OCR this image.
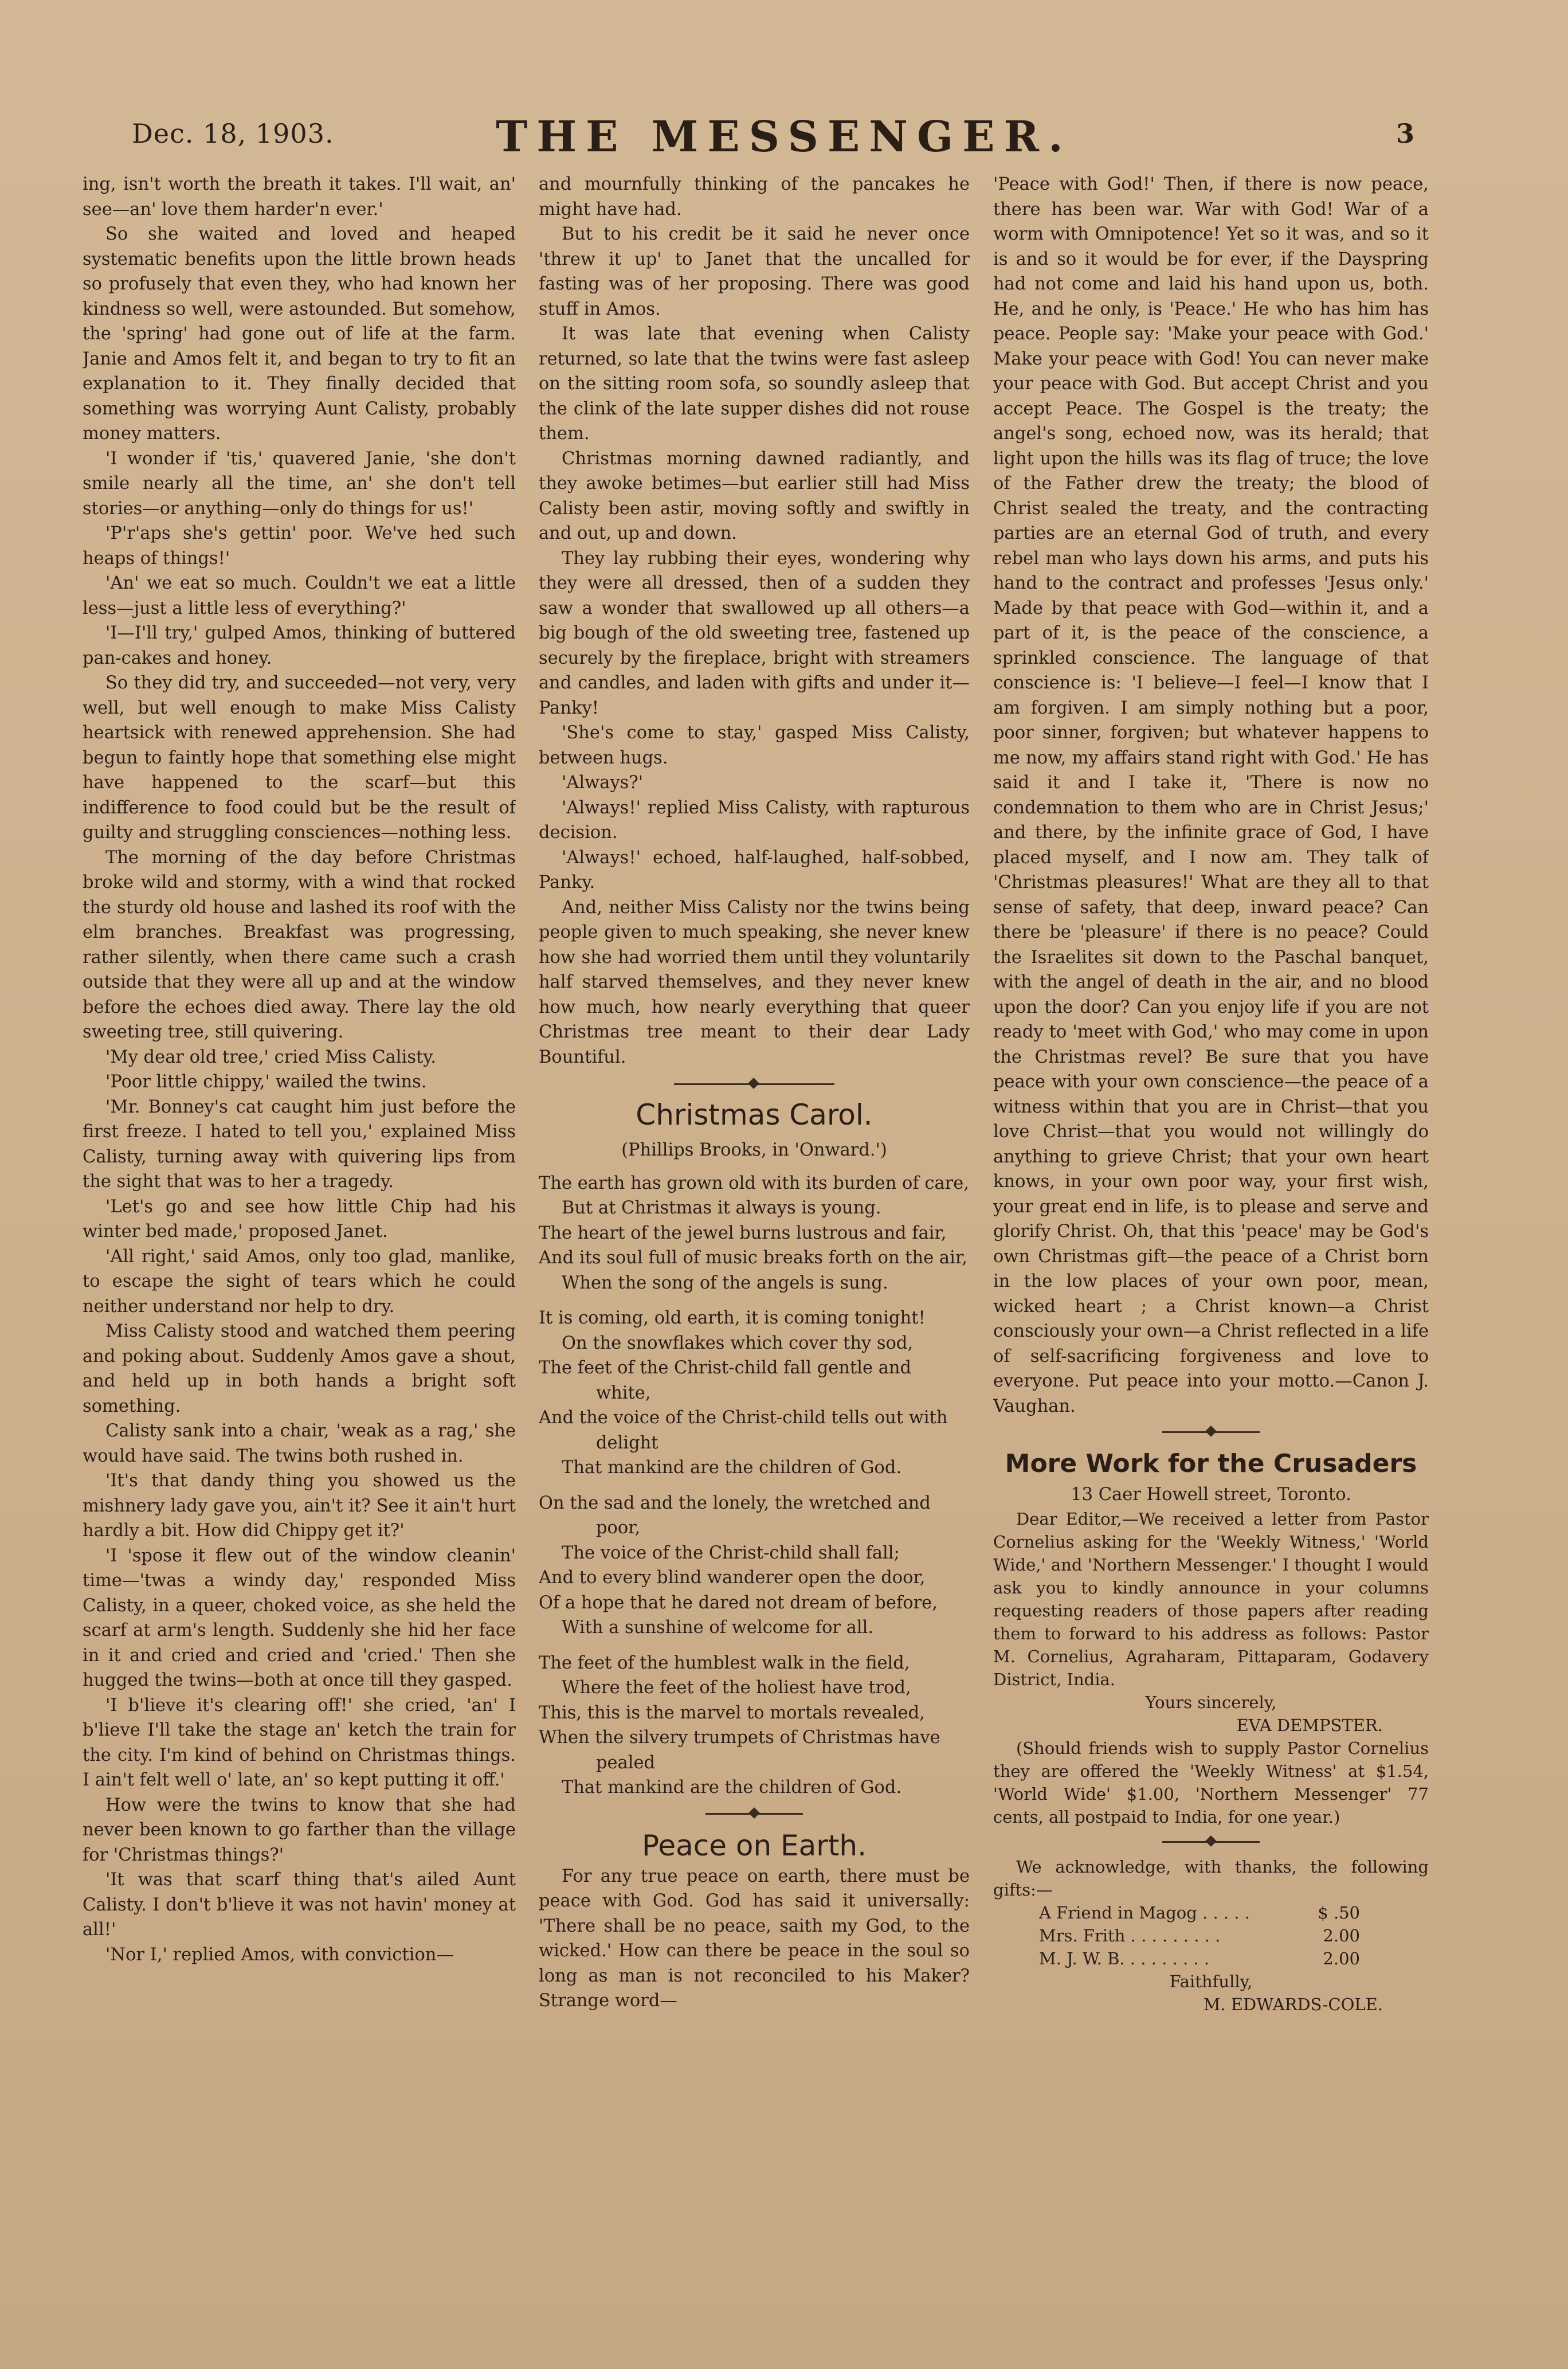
Dec. 18, 1903.	THE MESSENGER.	3

ing, isn't worth the breath it takes. I'll wait, an' see—an' love them harder'n ever.'

So she waited and loved and heaped systematic benefits upon the little brown heads so profusely that even they, who had known her kindness so well, were astounded. But somehow, the 'spring' had gone out of life at the farm. Janie and Amos felt it, and began to try to fit an explanation to it. They finally decided that something was worrying Aunt Calisty, probably money matters.

'I wonder if 'tis,' quavered Janie, 'she don't smile nearly all the time, an' she don't tell stories—or anything—only do things for us!'

'P'r'aps she's gettin' poor. We've hed such heaps of things!'

'An' we eat so much. Couldn't we eat a little less—just a little less of everything?'

'I—I'll try,' gulped Amos, thinking of buttered pan-cakes and honey.

So they did try, and succeeded—not very, very well, but well enough to make Miss Calisty heartsick with renewed apprehension. She had begun to faintly hope that something else might have happened to the scarf—but this indifference to food could but be the result of guilty and struggling consciences—nothing less.

The morning of the day before Christmas broke wild and stormy, with a wind that rocked the sturdy old house and lashed its roof with the elm branches. Breakfast was progressing, rather silently, when there came such a crash outside that they were all up and at the window before the echoes died away. There lay the old sweeting tree, still quivering.

'My dear old tree,' cried Miss Calisty.

'Poor little chippy,' wailed the twins.

'Mr. Bonney's cat caught him just before the first freeze. I hated to tell you,' explained Miss Calisty, turning away with quivering lips from the sight that was to her a tragedy.

'Let's go and see how little Chip had his winter bed made,' proposed Janet.

'All right,' said Amos, only too glad, manlike, to escape the sight of tears which he could neither understand nor help to dry.

Miss Calisty stood and watched them peering and poking about. Suddenly Amos gave a shout, and held up in both hands a bright soft something.

Calisty sank into a chair, 'weak as a rag,' she would have said. The twins both rushed in.

'It's that dandy thing you showed us the mishnery lady gave you, ain't it? See it ain't hurt hardly a bit. How did Chippy get it?'

'I 'spose it flew out of the window cleanin' time—'twas a windy day,' responded Miss Calisty, in a queer, choked voice, as she held the scarf at arm's length. Suddenly she hid her face in it and cried and cried and 'cried.' Then she hugged the twins—both at once till they gasped.

'I b'lieve it's clearing off!' she cried, 'an' I b'lieve I'll take the stage an' ketch the train for the city. I'm kind of behind on Christmas things. I ain't felt well o' late, an' so kept putting it off.'

How were the twins to know that she had never been known to go farther than the village for 'Christmas things?'

'It was that scarf thing that's ailed Aunt Calisty. I don't b'lieve it was not havin' money at all!'

'Nor I,' replied Amos, with conviction—

and mournfully thinking of the pancakes he might have had.

But to his credit be it said he never once 'threw it up' to Janet that the uncalled for fasting was of her proposing. There was good stuff in Amos.

It was late that evening when Calisty returned, so late that the twins were fast asleep on the sitting room sofa, so soundly asleep that the clink of the late supper dishes did not rouse them.

Christmas morning dawned radiantly, and they awoke betimes—but earlier still had Miss Calisty been astir, moving softly and swiftly in and out, up and down.

They lay rubbing their eyes, wondering why they were all dressed, then of a sudden they saw a wonder that swallowed up all others—a big bough of the old sweeting tree, fastened up securely by the fireplace, bright with streamers and candles, and laden with gifts and under it—Panky!

'She's come to stay,' gasped Miss Calisty, between hugs.

'Always?'

'Always!' replied Miss Calisty, with rapturous decision.

'Always!' echoed, half-laughed, half-sobbed, Panky.

And, neither Miss Calisty nor the twins being people given to much speaking, she never knew how she had worried them until they voluntarily half starved themselves, and they never knew how much, how nearly everything that queer Christmas tree meant to their dear Lady Bountiful.

Christmas Carol.
(Phillips Brooks, in 'Onward.')
The earth has grown old with its burden of care,
But at Christmas it always is young.
The heart of the jewel burns lustrous and fair,
And its soul full of music breaks forth on the air,
When the song of the angels is sung.
It is coming, old earth, it is coming tonight!
On the snowflakes which cover thy sod,
The feet of the Christ-child fall gentle and white,
And the voice of the Christ-child tells out with delight
That mankind are the children of God.
On the sad and the lonely, the wretched and poor,
The voice of the Christ-child shall fall;
And to every blind wanderer open the door,
Of a hope that he dared not dream of before,
With a sunshine of welcome for all.
The feet of the humblest walk in the field,
Where the feet of the holiest have trod,
This, this is the marvel to mortals revealed,
When the silvery trumpets of Christmas have pealed
That mankind are the children of God.
Peace on Earth.

For any true peace on earth, there must be peace with God. God has said it universally: 'There shall be no peace, saith my God, to the wicked.' How can there be peace in the soul so long as man is not reconciled to his Maker? Strange word—

'Peace with God!' Then, if there is now peace, there has been war. War with God! War of a worm with Omnipotence! Yet so it was, and so it is and so it would be for ever, if the Dayspring had not come and laid his hand upon us, both. He, and he only, is 'Peace.' He who has him has peace. People say: 'Make your peace with God.' Make your peace with God! You can never make your peace with God. But accept Christ and you accept Peace. The Gospel is the treaty; the angel's song, echoed now, was its herald; that light upon the hills was its flag of truce; the love of the Father drew the treaty; the blood of Christ sealed the treaty, and the contracting parties are an eternal God of truth, and every rebel man who lays down his arms, and puts his hand to the contract and professes 'Jesus only.' Made by that peace with God—within it, and a part of it, is the peace of the conscience, a sprinkled conscience. The language of that conscience is: 'I believe—I feel—I know that I am forgiven. I am simply nothing but a poor, poor sinner, forgiven; but whatever happens to me now, my affairs stand right with God.' He has said it and I take it, 'There is now no condemnation to them who are in Christ Jesus;' and there, by the infinite grace of God, I have placed myself, and I now am. They talk of 'Christmas pleasures!' What are they all to that sense of safety, that deep, inward peace? Can there be 'pleasure' if there is no peace? Could the Israelites sit down to the Paschal banquet, with the angel of death in the air, and no blood upon the door? Can you enjoy life if you are not ready to 'meet with God,' who may come in upon the Christmas revel? Be sure that you have peace with your own conscience—the peace of a witness within that you are in Christ—that you love Christ—that you would not willingly do anything to grieve Christ; that your own heart knows, in your own poor way, your first wish, your great end in life, is to please and serve and glorify Christ. Oh, that this 'peace' may be God's own Christmas gift—the peace of a Christ born in the low places of your own poor, mean, wicked heart ; a Christ known—a Christ consciously your own—a Christ reflected in a life of self-sacrificing forgiveness and love to everyone. Put peace into your motto.—Canon J. Vaughan.

More Work for the Crusaders
13 Caer Howell street, Toronto.

Dear Editor,—We received a letter from Pastor Cornelius asking for the 'Weekly Witness,' 'World Wide,' and 'Northern Messenger.' I thought I would ask you to kindly announce in your columns requesting readers of those papers after reading them to forward to his address as follows: Pastor M. Cornelius, Agraharam, Pittaparam, Godavery District, India.

Yours sincerely,
EVA DEMPSTER.

(Should friends wish to supply Pastor Cornelius they are offered the 'Weekly Witness' at $1.54, 'World Wide' $1.00, 'Northern Messenger' 77 cents, all postpaid to India, for one year.)

We acknowledge, with thanks, the following gifts:—

A Friend in Magog . . . . .	$ .50
Mrs. Frith . . . . . . . . .	2.00
M. J. W. B. . . . . . . . .	2.00
Faithfully,
M. EDWARDS-COLE.
